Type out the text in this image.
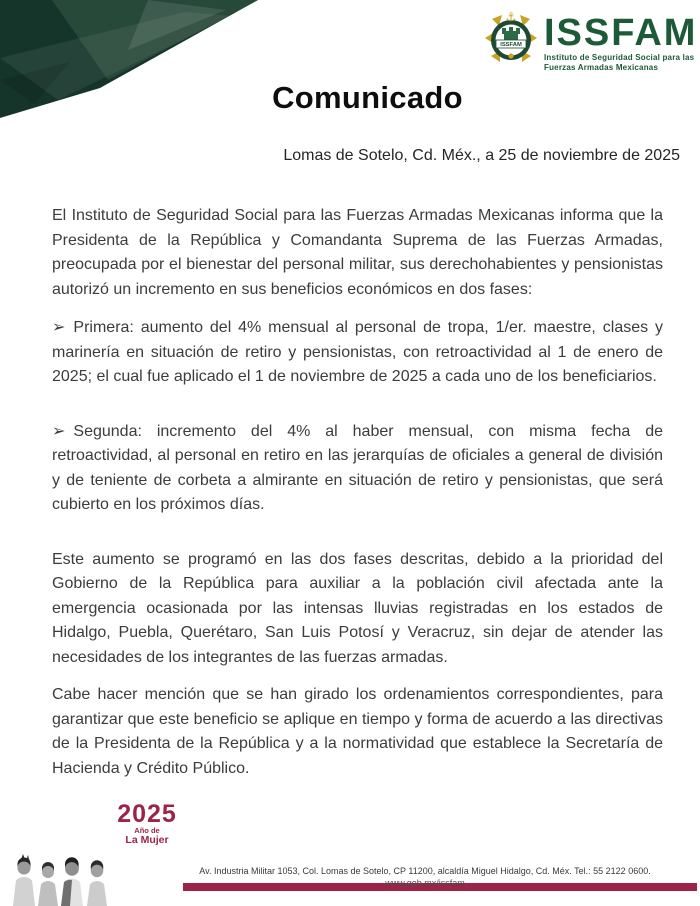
ISSFAM
⚓ ISSFAM
Instituto de Seguridad Social para las
Fuerzas Armadas Mexicanas
Comunicado
Lomas de Sotelo, Cd. Méx., a 25 de noviembre de 2025

El Instituto de Seguridad Social para las Fuerzas Armadas Mexicanas informa que la Presidenta de la República y Comandanta Suprema de las Fuerzas Armadas, preocupada por el bienestar del personal militar, sus derechohabientes y pensionistas autorizó un incremento en sus beneficios económicos en dos fases:

➢ Primera: aumento del 4% mensual al personal de tropa, 1/er. maestre, clases y marinería en situación de retiro y pensionistas, con retroactividad al 1 de enero de 2025; el cual fue aplicado el 1 de noviembre de 2025 a cada uno de los beneficiarios.

➢ Segunda: incremento del 4% al haber mensual, con misma fecha de retroactividad, al personal en retiro en las jerarquías de oficiales a general de división y de teniente de corbeta a almirante en situación de retiro y pensionistas, que será cubierto en los próximos días.

Este aumento se programó en las dos fases descritas, debido a la prioridad del Gobierno de la República para auxiliar a la población civil afectada ante la emergencia ocasionada por las intensas lluvias registradas en los estados de Hidalgo, Puebla, Querétaro, San Luis Potosí y Veracruz, sin dejar de atender las necesidades de los integrantes de las fuerzas armadas.

Cabe hacer mención que se han girado los ordenamientos correspondientes, para garantizar que este beneficio se aplique en tiempo y forma de acuerdo a las directivas de la Presidenta de la República y a la normatividad que establece la Secretaría de Hacienda y Crédito Público.

2025
Año de
La Mujer
Av. Industria Militar 1053, Col. Lomas de Sotelo, CP 11200, alcaldía Miguel Hidalgo, Cd. Méx. Tel.: 55 2122 0600.
www.gob.mx/issfam
